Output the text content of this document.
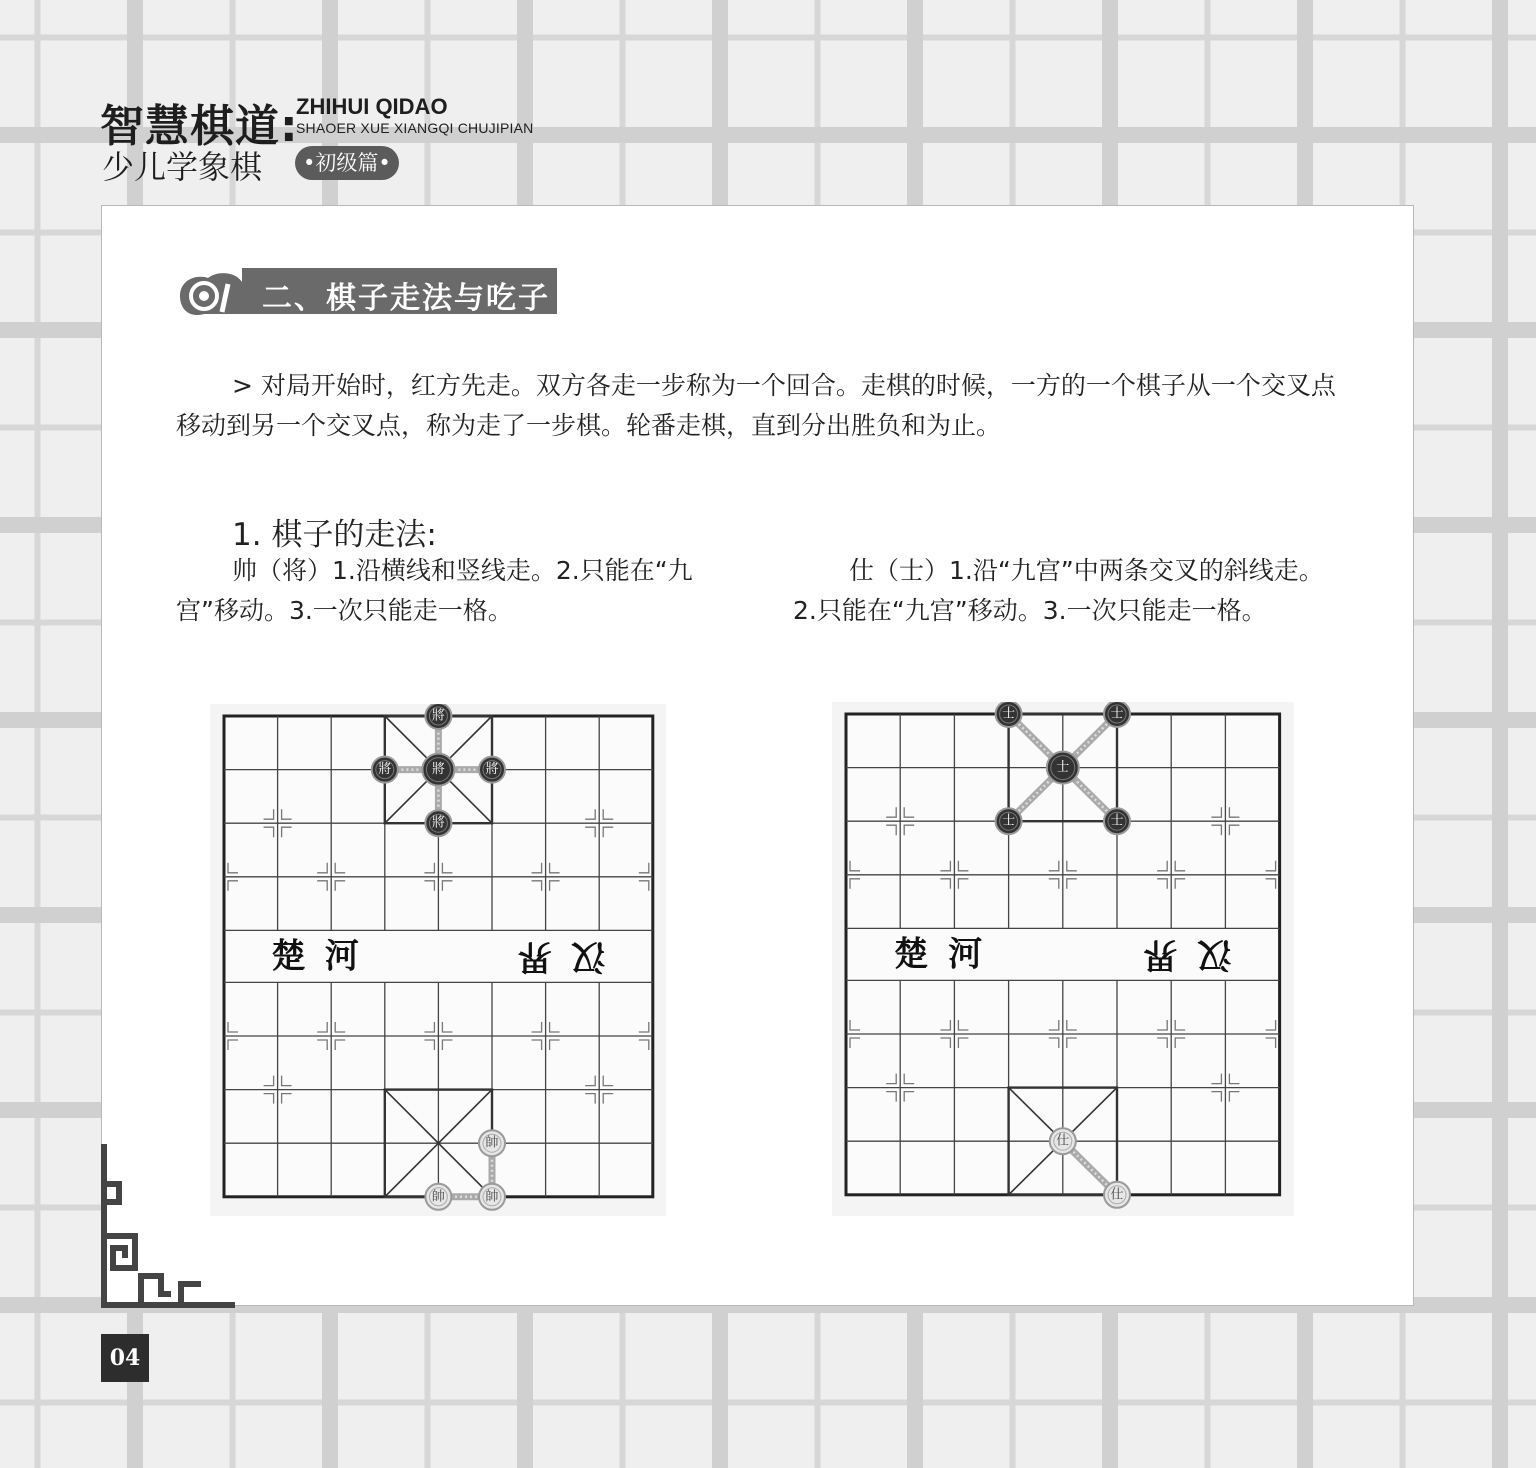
智慧棋道:
ZHIHUI QIDAO
SHAOER XUE XIANGQI CHUJIPIAN
少儿学象棋	•初级篇•
二、棋子走法与吃子
> 对局开始时，红方先走。双方各走一步称为一个回合。走棋的时候，一方的一个棋子从一个交叉点移动到另一个交叉点，称为走了一步棋。轮番走棋，直到分出胜负和为止。
1. 棋子的走法:
帅（将）1.沿横线和竖线走。2.只能在“九宫”移动。3.一次只能走一格。
仕（士）1.沿“九宫”中两条交叉的斜线走。2.只能在“九宫”移动。3.一次只能走一格。
楚 河	界 汉
將
將	將
將
將
帥
帥	帥
楚 河	界 汉
士	士
士	士
士
仕
仕
04
